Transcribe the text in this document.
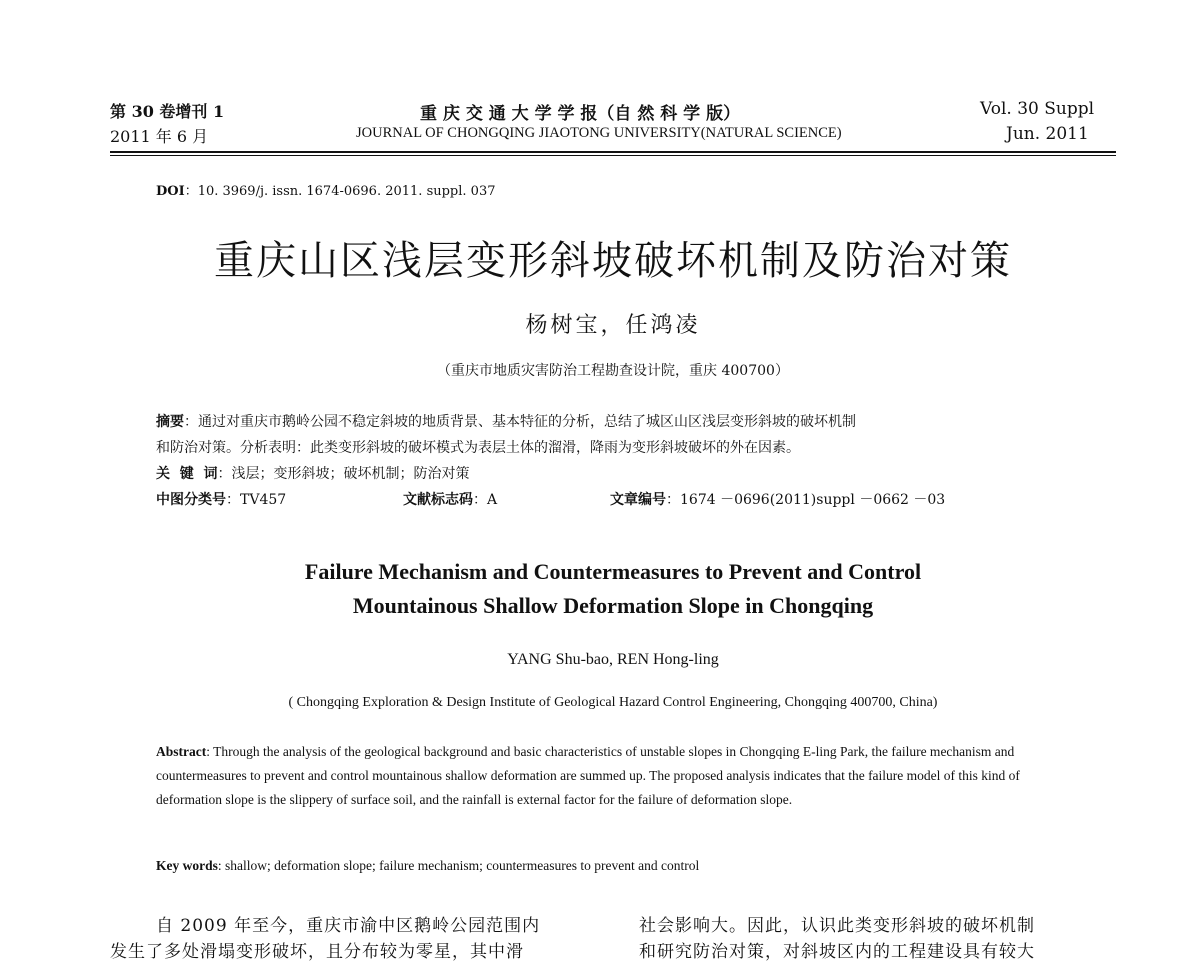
第 30 卷增刊 1
2011 年 6 月
重 庆 交 通 大 学 学 报（自 然 科 学 版）
JOURNAL OF CHONGQING JIAOTONG UNIVERSITY(NATURAL SCIENCE)
Vol. 30 Suppl
Jun. 2011
DOI：10. 3969/j. issn. 1674-0696. 2011. suppl. 037
重庆山区浅层变形斜坡破坏机制及防治对策
杨树宝，任鸿凌
（重庆市地质灾害防治工程勘查设计院，重庆 400700）
摘要：通过对重庆市鹅岭公园不稳定斜坡的地质背景、基本特征的分析，总结了城区山区浅层变形斜坡的破坏机制
和防治对策。分析表明：此类变形斜坡的破坏模式为表层土体的溜滑，降雨为变形斜坡破坏的外在因素。
关  键  词：浅层；变形斜坡；破坏机制；防治对策
中图分类号：TV457	文献标志码：A	文章编号：1674 －0696(2011)suppl －0662 －03
Failure Mechanism and Countermeasures to Prevent and Control
Mountainous Shallow Deformation Slope in Chongqing
YANG Shu-bao, REN Hong-ling
( Chongqing Exploration & Design Institute of Geological Hazard Control Engineering, Chongqing 400700, China)
Abstract: Through the analysis of the geological background and basic characteristics of unstable slopes in Chongqing E-ling Park, the failure mechanism and countermeasures to prevent and control mountainous shallow deformation are summed up. The proposed analysis indicates that the failure model of this kind of deformation slope is the slippery of surface soil, and the rainfall is external factor for the failure of deformation slope.
Key words: shallow; deformation slope; failure mechanism; countermeasures to prevent and control
自 2009 年至今，重庆市渝中区鹅岭公园范围内
发生了多处滑塌变形破坏，且分布较为零星，其中滑
社会影响大。因此，认识此类变形斜坡的破坏机制
和研究防治对策，对斜坡区内的工程建设具有较大
